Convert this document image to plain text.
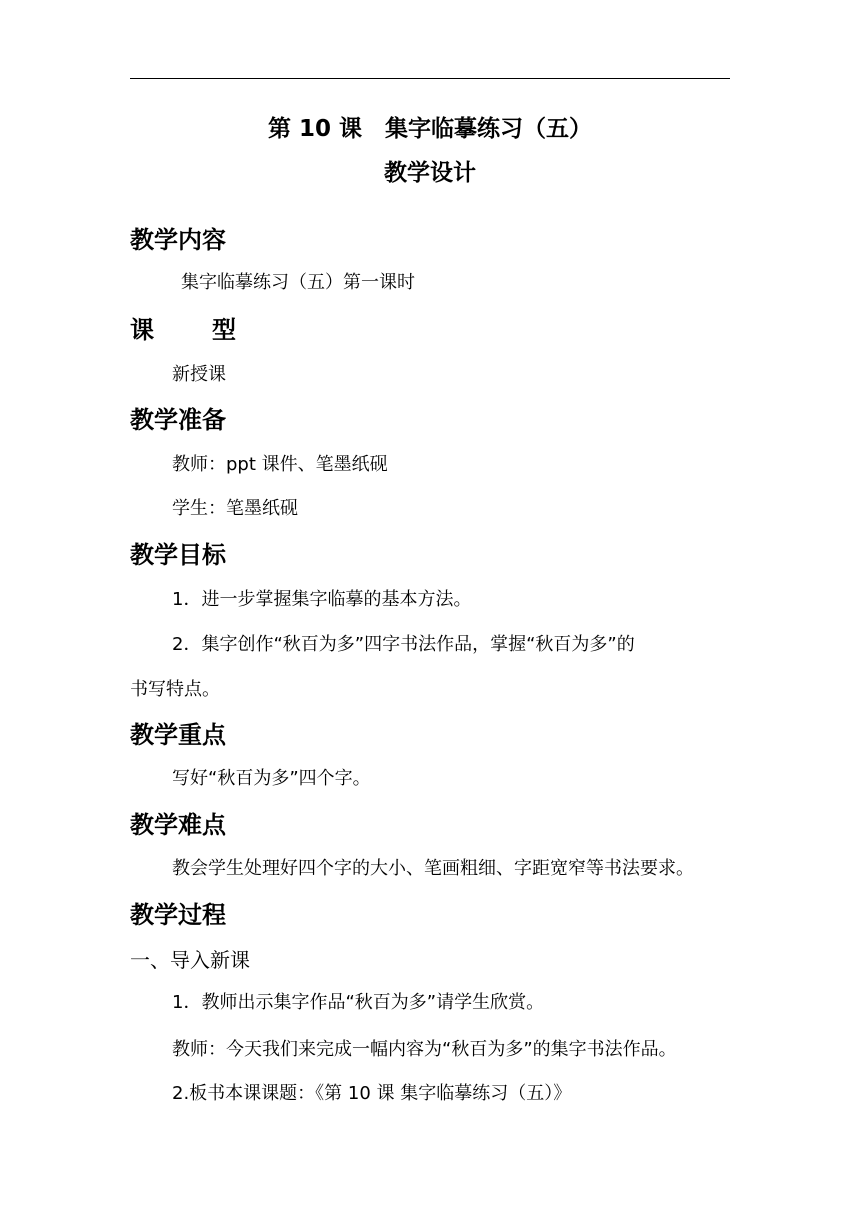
第 10 课　集字临摹练习（五）
教学设计
教学内容
集字临摹练习（五）第一课时
课 型
新授课
教学准备
教师：ppt 课件、笔墨纸砚
学生：笔墨纸砚
教学目标
1．进一步掌握集字临摹的基本方法。
2．集字创作“秋百为多”四字书法作品，掌握“秋百为多”的
书写特点。
教学重点
写好“秋百为多”四个字。
教学难点
教会学生处理好四个字的大小、笔画粗细、字距宽窄等书法要求。
教学过程
一、导入新课
1．教师出示集字作品“秋百为多”请学生欣赏。
教师：今天我们来完成一幅内容为“秋百为多”的集字书法作品。
2.板书本课课题：《第 10 课 集字临摹练习（五）》
